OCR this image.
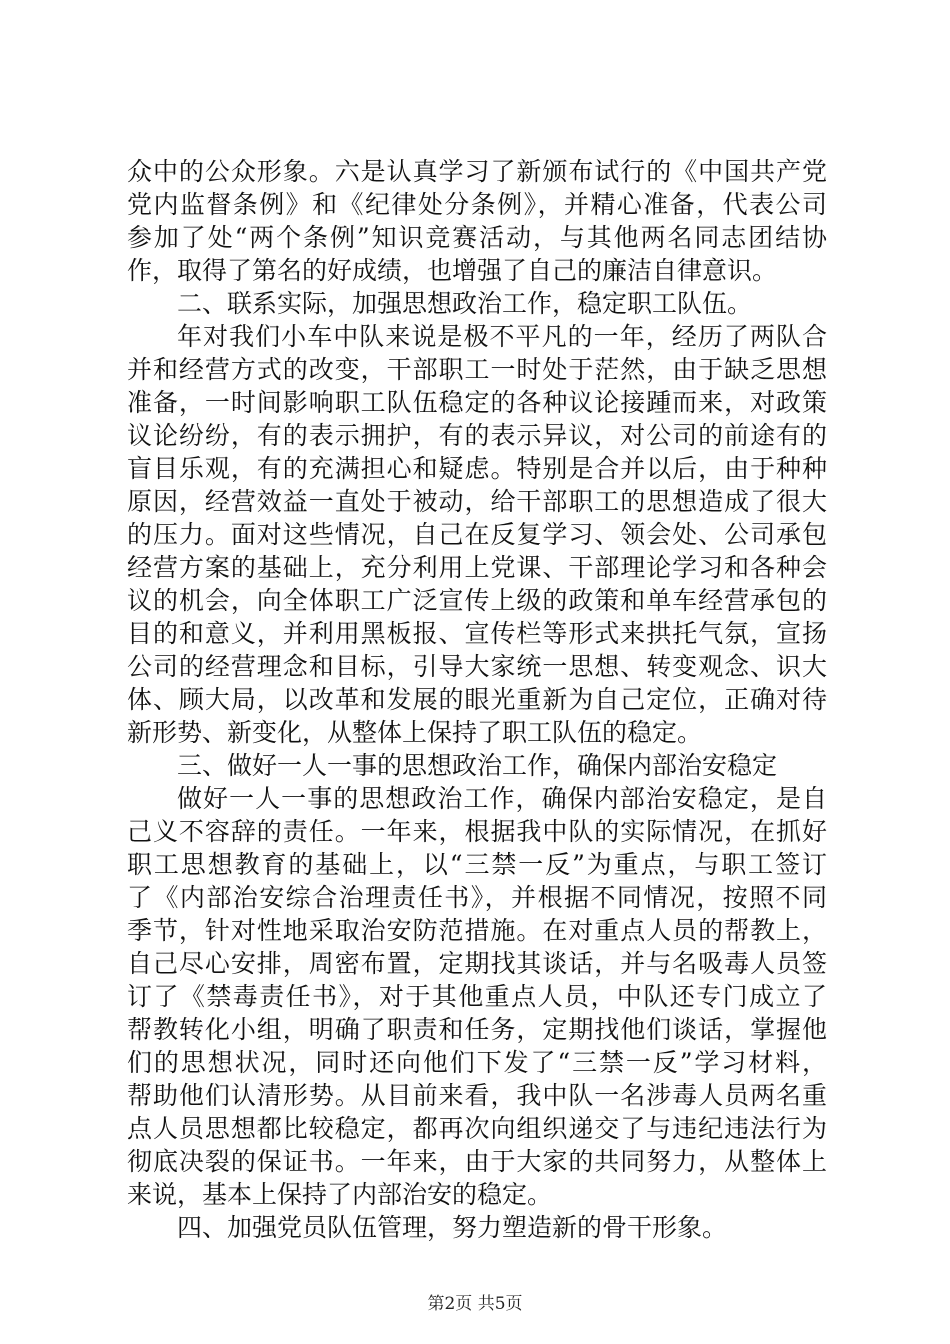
众中的公众形象。六是认真学习了新颁布试行的《中国共产党
党内监督条例》和《纪律处分条例》，并精心准备，代表公司
参加了处“两个条例”知识竞赛活动，与其他两名同志团结协
作，取得了第名的好成绩，也增强了自己的廉洁自律意识。
二、联系实际，加强思想政治工作，稳定职工队伍。
年对我们小车中队来说是极不平凡的一年，经历了两队合
并和经营方式的改变，干部职工一时处于茫然，由于缺乏思想
准备，一时间影响职工队伍稳定的各种议论接踵而来，对政策
议论纷纷，有的表示拥护，有的表示异议，对公司的前途有的
盲目乐观，有的充满担心和疑虑。特别是合并以后，由于种种
原因，经营效益一直处于被动，给干部职工的思想造成了很大
的压力。面对这些情况，自己在反复学习、领会处、公司承包
经营方案的基础上，充分利用上党课、干部理论学习和各种会
议的机会，向全体职工广泛宣传上级的政策和单车经营承包的
目的和意义，并利用黑板报、宣传栏等形式来拱托气氛，宣扬
公司的经营理念和目标，引导大家统一思想、转变观念、识大
体、顾大局，以改革和发展的眼光重新为自己定位，正确对待
新形势、新变化，从整体上保持了职工队伍的稳定。
三、做好一人一事的思想政治工作，确保内部治安稳定
做好一人一事的思想政治工作，确保内部治安稳定，是自
己义不容辞的责任。一年来，根据我中队的实际情况，在抓好
职工思想教育的基础上，以“三禁一反”为重点，与职工签订
了《内部治安综合治理责任书》，并根据不同情况，按照不同
季节，针对性地采取治安防范措施。在对重点人员的帮教上，
自己尽心安排，周密布置，定期找其谈话，并与名吸毒人员签
订了《禁毒责任书》，对于其他重点人员，中队还专门成立了
帮教转化小组，明确了职责和任务，定期找他们谈话，掌握他
们的思想状况，同时还向他们下发了“三禁一反”学习材料，
帮助他们认清形势。从目前来看，我中队一名涉毒人员两名重
点人员思想都比较稳定，都再次向组织递交了与违纪违法行为
彻底决裂的保证书。一年来，由于大家的共同努力，从整体上
来说，基本上保持了内部治安的稳定。
四、加强党员队伍管理，努力塑造新的骨干形象。
第2页 共5页
